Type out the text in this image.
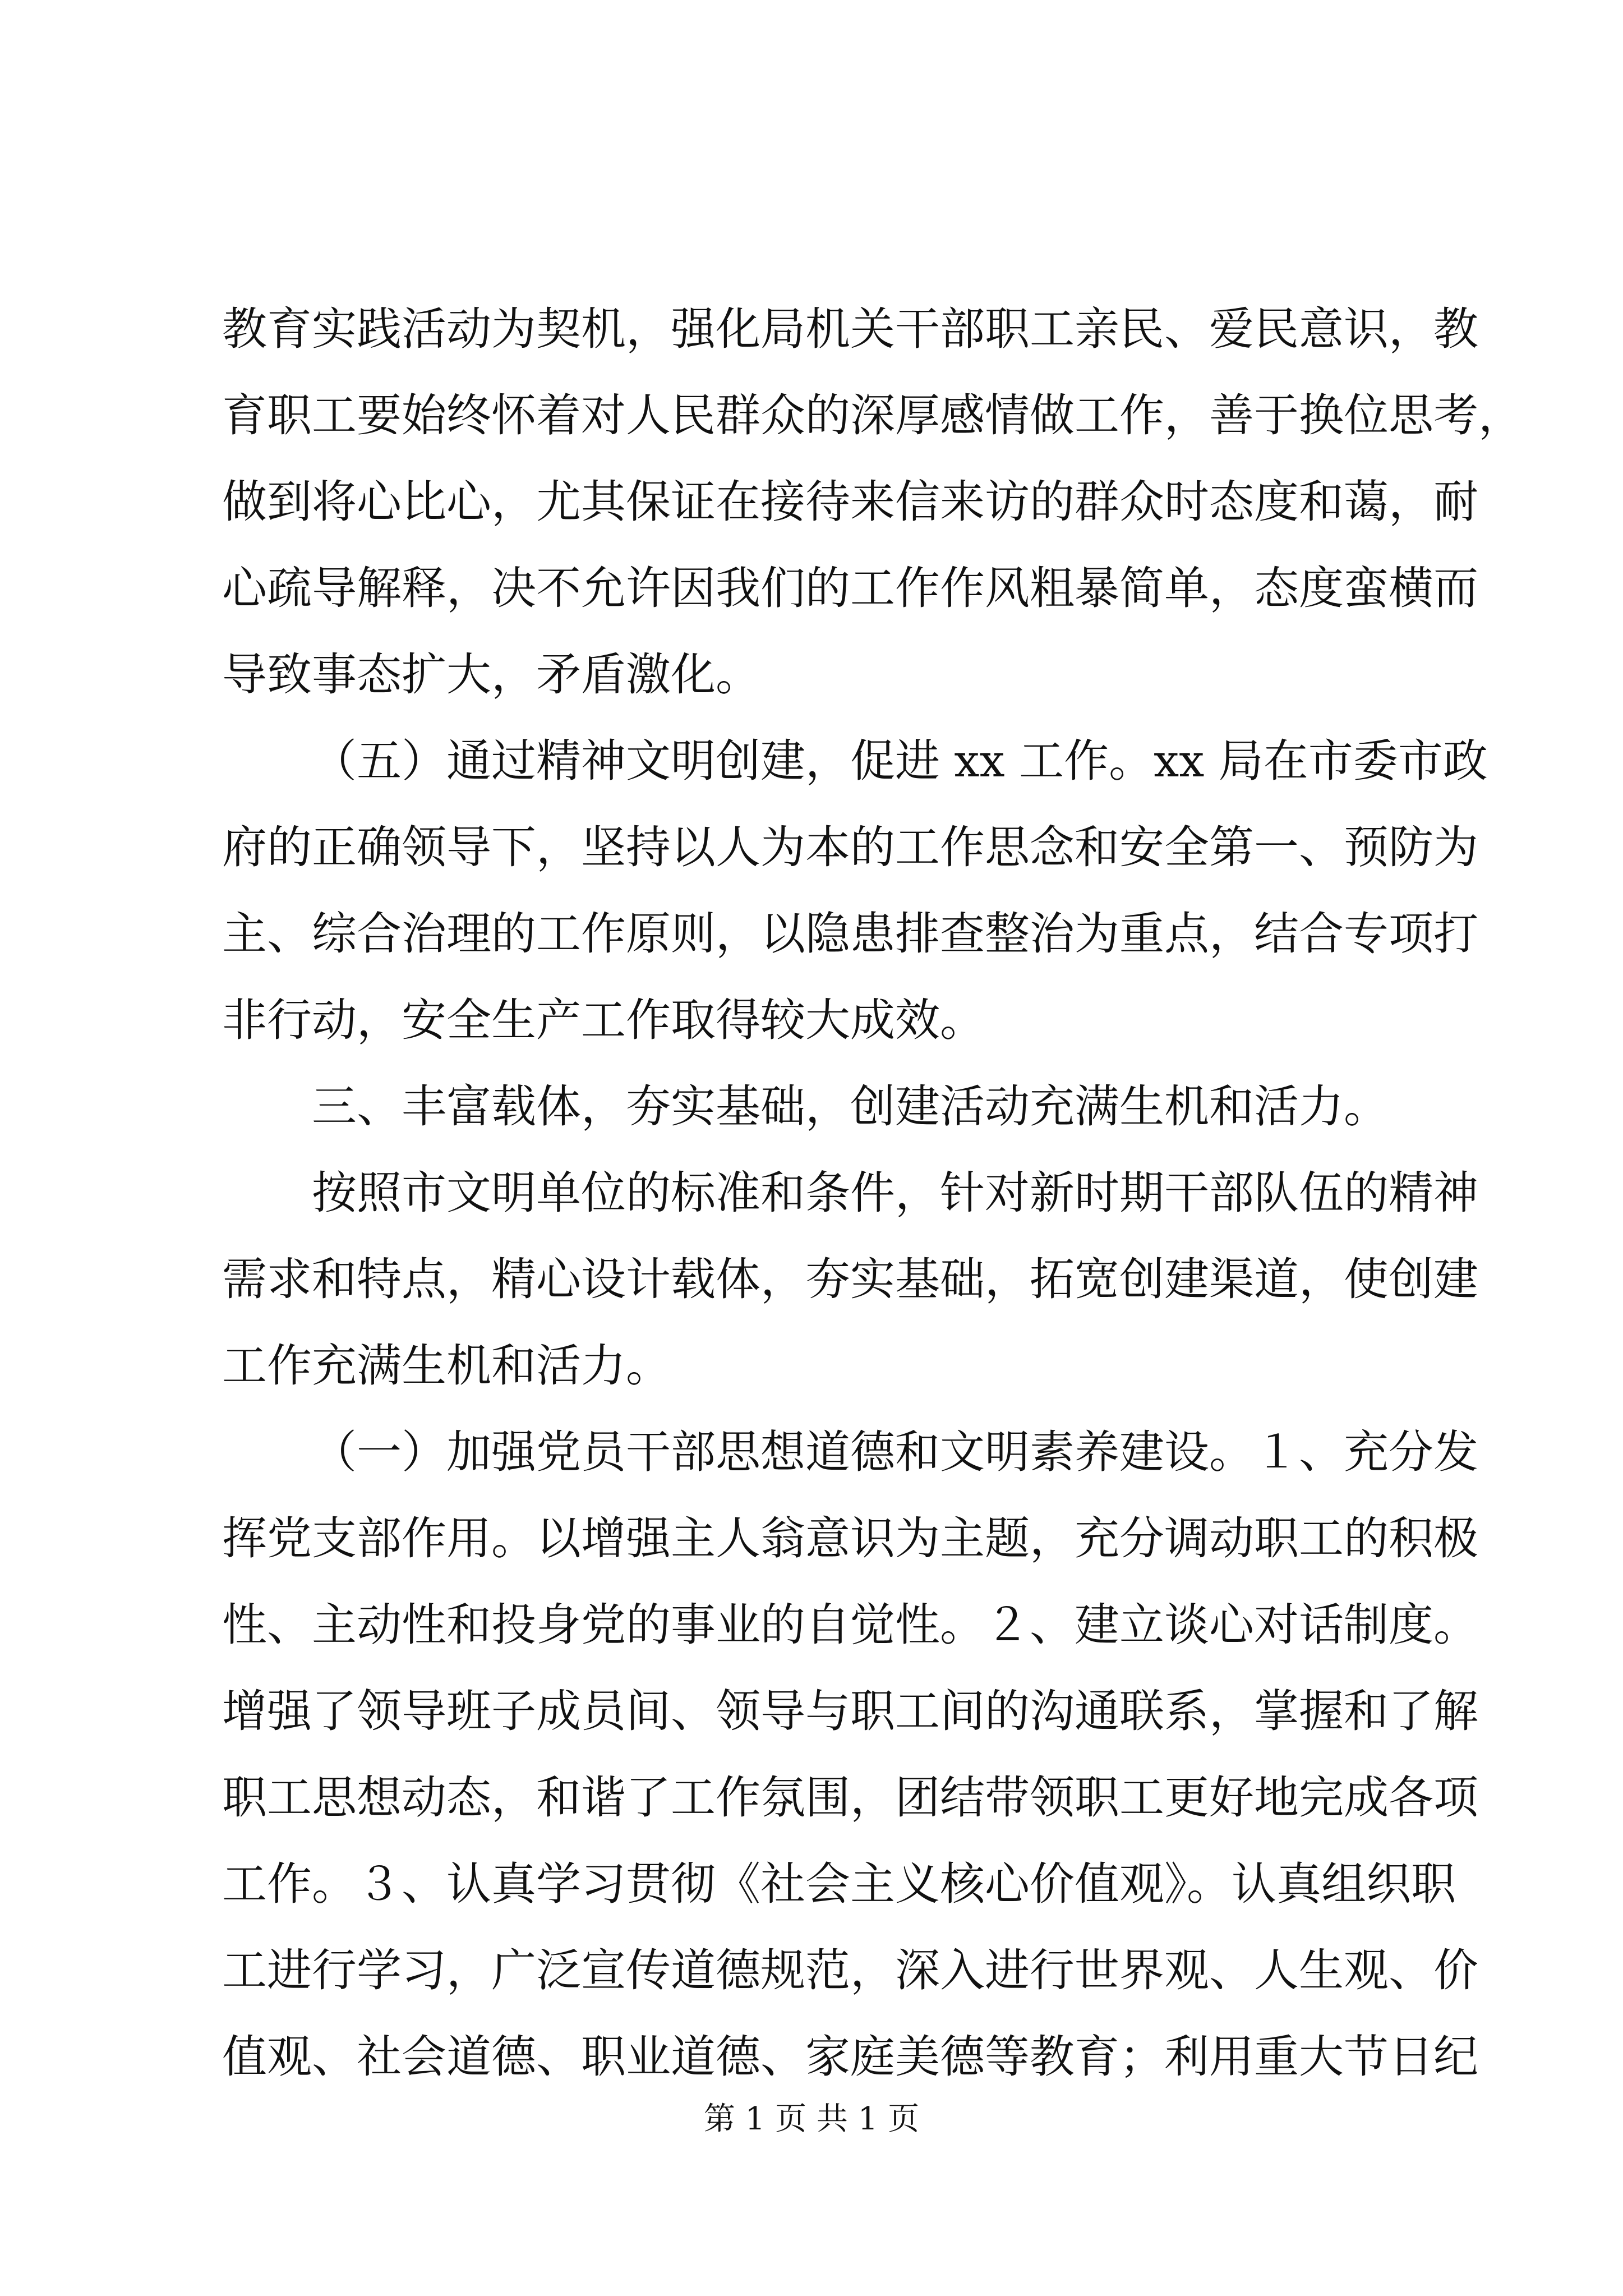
教育实践活动为契机，强化局机关干部职工亲民、爱民意识，教
育职工要始终怀着对人民群众的深厚感情做工作，善于换位思考，
做到将心比心，尤其保证在接待来信来访的群众时态度和蔼，耐
心疏导解释，决不允许因我们的工作作风粗暴简单，态度蛮横而
导致事态扩大，矛盾激化。
（五）通过精神文明创建，促进 xx 工作。xx 局在市委市政
府的正确领导下，坚持以人为本的工作思念和安全第一、预防为
主、综合治理的工作原则，以隐患排查整治为重点，结合专项打
非行动，安全生产工作取得较大成效。
三、丰富载体，夯实基础，创建活动充满生机和活力。
按照市文明单位的标准和条件，针对新时期干部队伍的精神
需求和特点，精心设计载体，夯实基础，拓宽创建渠道，使创建
工作充满生机和活力。
（一）加强党员干部思想道德和文明素养建设。１、充分发
挥党支部作用。以增强主人翁意识为主题，充分调动职工的积极
性、主动性和投身党的事业的自觉性。２、建立谈心对话制度。
增强了领导班子成员间、领导与职工间的沟通联系，掌握和了解
职工思想动态，和谐了工作氛围，团结带领职工更好地完成各项
工作。３、认真学习贯彻《社会主义核心价值观》。认真组织职
工进行学习，广泛宣传道德规范，深入进行世界观、人生观、价
值观、社会道德、职业道德、家庭美德等教育；利用重大节日纪
第 1 页 共 1 页
